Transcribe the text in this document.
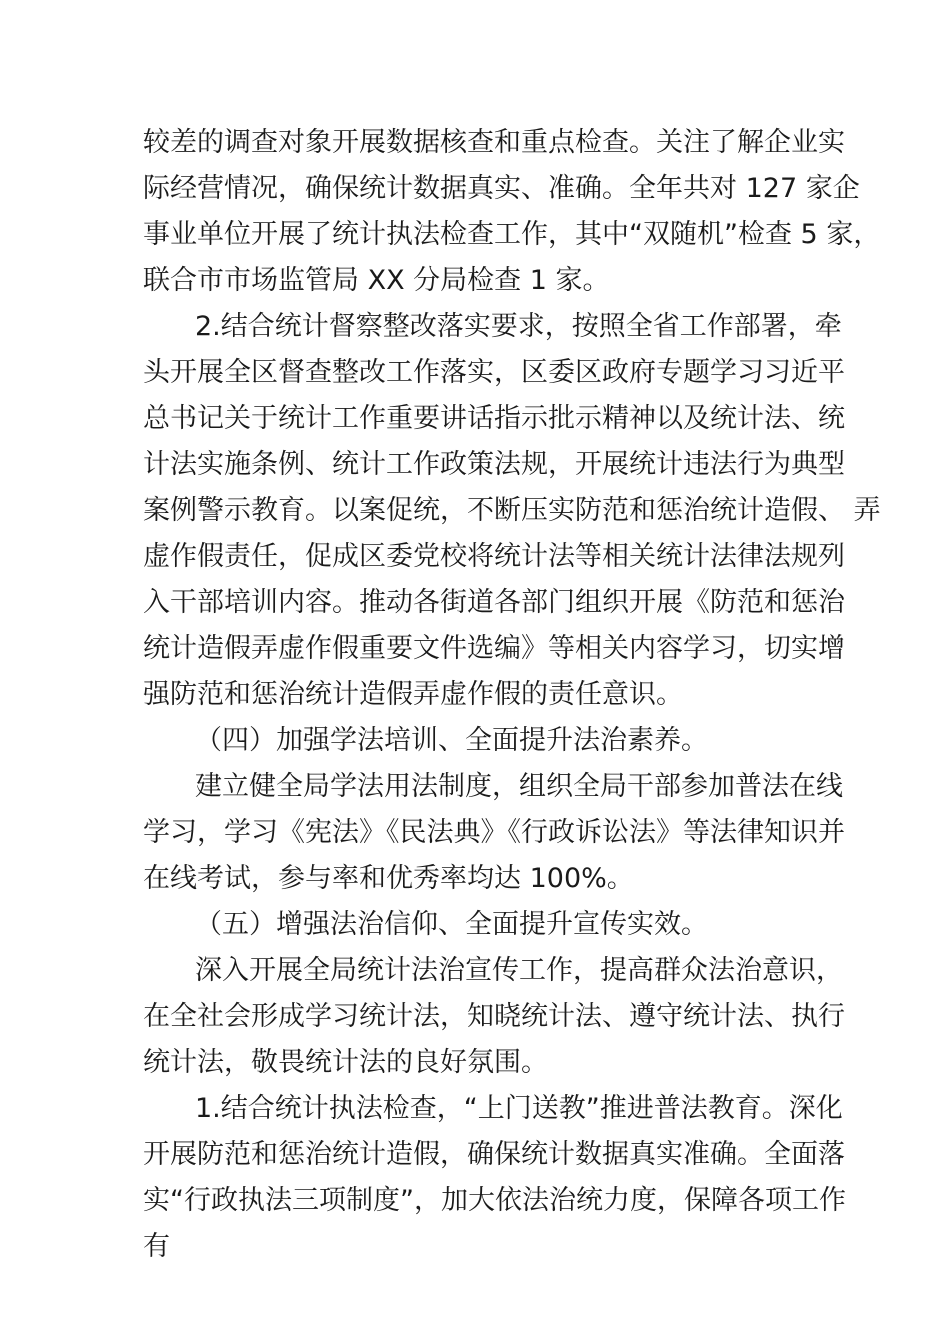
较差的调查对象开展数据核查和重点检查。关注了解企业实
际经营情况，确保统计数据真实、准确。全年共对 127 家企
事业单位开展了统计执法检查工作，其中“双随机”检查 5 家，
联合市市场监管局 XX 分局检查 1 家。
2.结合统计督察整改落实要求，按照全省工作部署，牵
头开展全区督查整改工作落实，区委区政府专题学习习近平
总书记关于统计工作重要讲话指示批示精神以及统计法、统
计法实施条例、统计工作政策法规，开展统计违法行为典型
案例警示教育。以案促统，不断压实防范和惩治统计造假、 弄
虚作假责任，促成区委党校将统计法等相关统计法律法规列
入干部培训内容。推动各街道各部门组织开展《防范和惩治
统计造假弄虚作假重要文件选编》等相关内容学习，切实增
强防范和惩治统计造假弄虚作假的责任意识。
（四）加强学法培训、全面提升法治素养。
建立健全局学法用法制度，组织全局干部参加普法在线
学习，学习《宪法》《民法典》《行政诉讼法》等法律知识并
在线考试，参与率和优秀率均达 100%。
（五）增强法治信仰、全面提升宣传实效。
深入开展全局统计法治宣传工作，提高群众法治意识，
在全社会形成学习统计法，知晓统计法、遵守统计法、执行
统计法，敬畏统计法的良好氛围。
1.结合统计执法检查，“上门送教”推进普法教育。深化
开展防范和惩治统计造假，确保统计数据真实准确。全面落
实“行政执法三项制度”，加大依法治统力度，保障各项工作
有
